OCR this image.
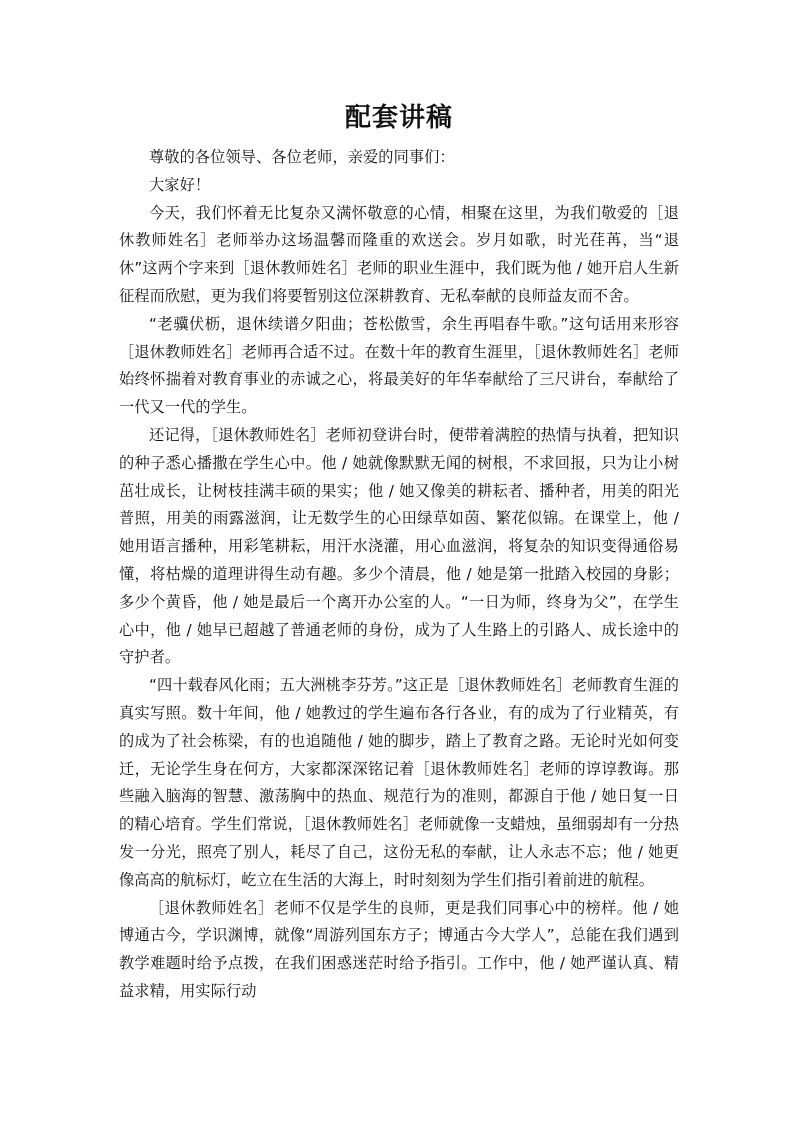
配套讲稿

尊敬的各位领导、各位老师，亲爱的同事们：

大家好！

今天，我们怀着无比复杂又满怀敬意的心情，相聚在这里，为我们敬爱的［退休教师姓名］老师举办这场温馨而隆重的欢送会。岁月如歌，时光荏苒，当“退休”这两个字来到［退休教师姓名］老师的职业生涯中，我们既为他 / 她开启人生新征程而欣慰，更为我们将要暂别这位深耕教育、无私奉献的良师益友而不舍。

“老骥伏枥，退休续谱夕阳曲；苍松傲雪，余生再唱春牛歌。”这句话用来形容［退休教师姓名］老师再合适不过。在数十年的教育生涯里，［退休教师姓名］老师始终怀揣着对教育事业的赤诚之心，将最美好的年华奉献给了三尺讲台，奉献给了一代又一代的学生。

还记得，［退休教师姓名］老师初登讲台时，便带着满腔的热情与执着，把知识的种子悉心播撒在学生心中。他 / 她就像默默无闻的树根，不求回报，只为让小树茁壮成长，让树枝挂满丰硕的果实；他 / 她又像美的耕耘者、播种者，用美的阳光普照，用美的雨露滋润，让无数学生的心田绿草如茵、繁花似锦。在课堂上，他 / 她用语言播种，用彩笔耕耘，用汗水浇灌，用心血滋润，将复杂的知识变得通俗易懂，将枯燥的道理讲得生动有趣。多少个清晨，他 / 她是第一批踏入校园的身影；多少个黄昏，他 / 她是最后一个离开办公室的人。“一日为师，终身为父”，在学生心中，他 / 她早已超越了普通老师的身份，成为了人生路上的引路人、成长途中的守护者。

“四十载春风化雨；五大洲桃李芬芳。”这正是［退休教师姓名］老师教育生涯的真实写照。数十年间，他 / 她教过的学生遍布各行各业，有的成为了行业精英，有的成为了社会栋梁，有的也追随他 / 她的脚步，踏上了教育之路。无论时光如何变迁，无论学生身在何方，大家都深深铭记着［退休教师姓名］老师的谆谆教诲。那些融入脑海的智慧、激荡胸中的热血、规范行为的准则，都源自于他 / 她日复一日的精心培育。学生们常说，［退休教师姓名］老师就像一支蜡烛，虽细弱却有一分热发一分光，照亮了别人，耗尽了自己，这份无私的奉献，让人永志不忘；他 / 她更像高高的航标灯，屹立在生活的大海上，时时刻刻为学生们指引着前进的航程。

［退休教师姓名］老师不仅是学生的良师，更是我们同事心中的榜样。他 / 她博通古今，学识渊博，就像“周游列国东方子；博通古今大学人”，总能在我们遇到教学难题时给予点拨，在我们困惑迷茫时给予指引。工作中，他 / 她严谨认真、精益求精，用实际行动
